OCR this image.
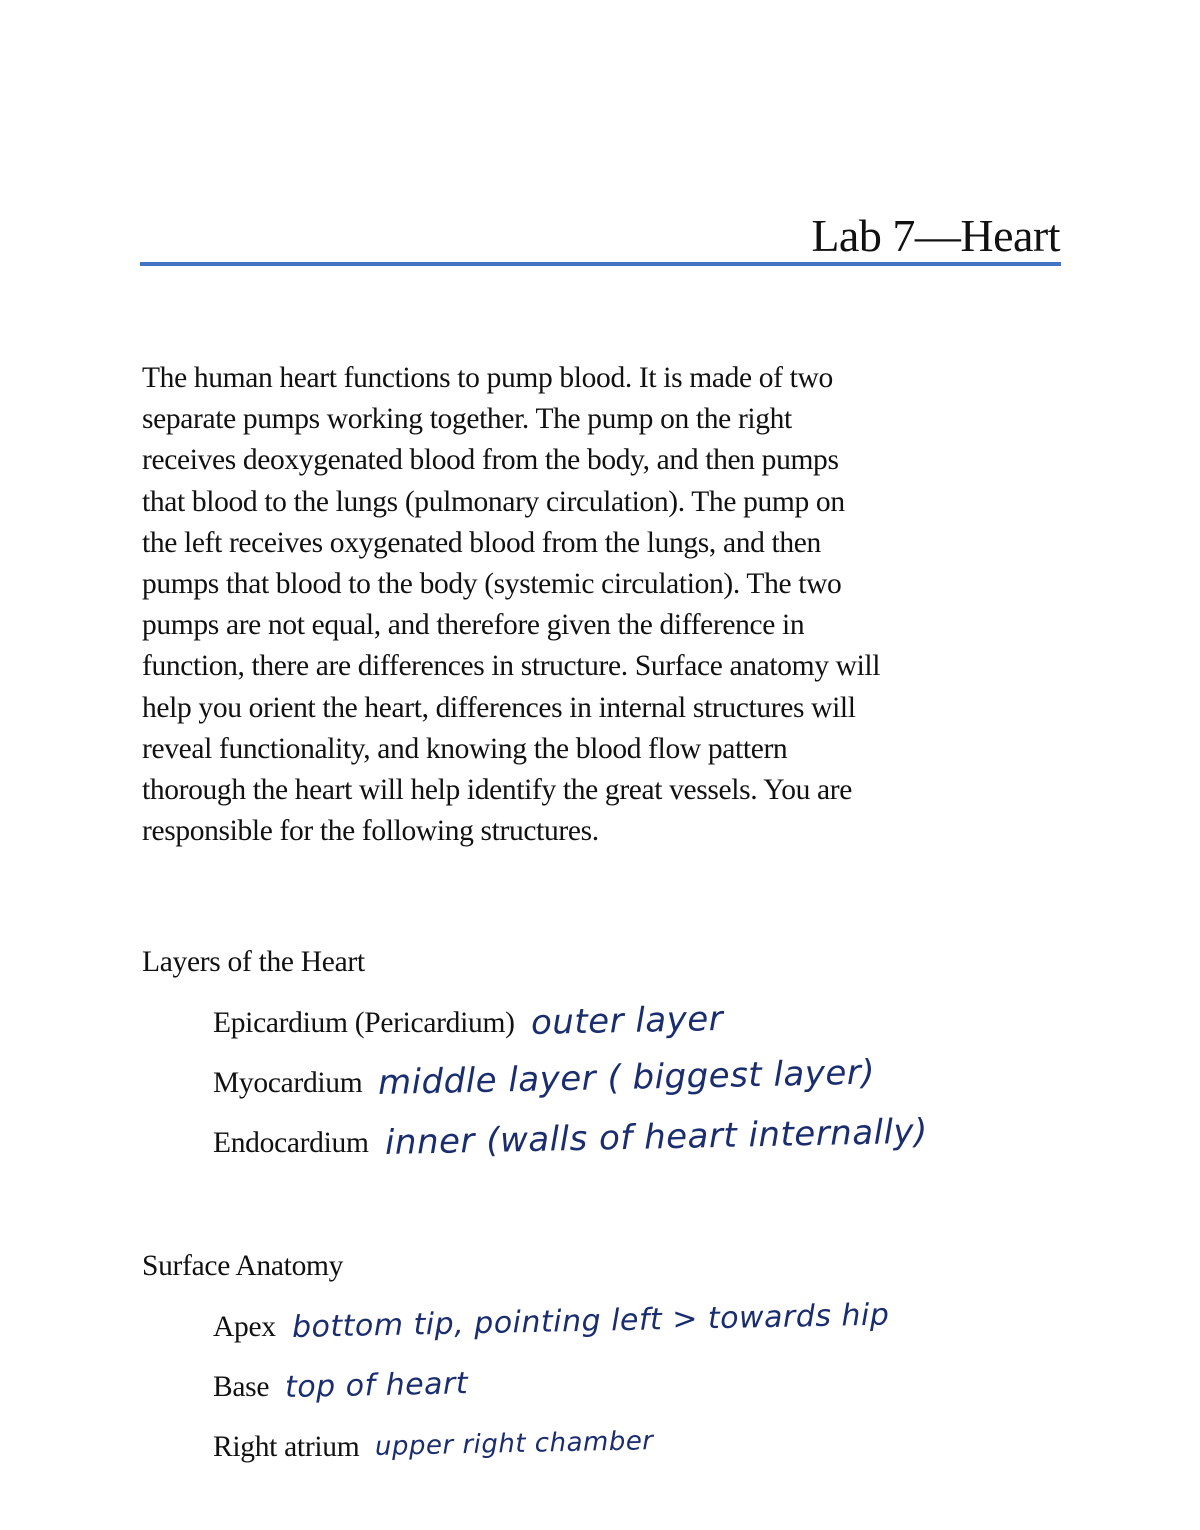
Lab 7—Heart

The human heart functions to pump blood. It is made of two
separate pumps working together. The pump on the right
receives deoxygenated blood from the body, and then pumps
that blood to the lungs (pulmonary circulation). The pump on
the left receives oxygenated blood from the lungs, and then
pumps that blood to the body (systemic circulation). The two
pumps are not equal, and therefore given the difference in
function, there are differences in structure. Surface anatomy will
help you orient the heart, differences in internal structures will
reveal functionality, and knowing the blood flow pattern
thorough the heart will help identify the great vessels. You are
responsible for the following structures.

Layers of the Heart
Epicardium (Pericardium) outer layer
Myocardium middle layer ( biggest layer)
Endocardium inner (walls of heart internally)
Surface Anatomy
Apex bottom tip, pointing left > towards hip
Base top of heart
Right atrium upper right chamber
